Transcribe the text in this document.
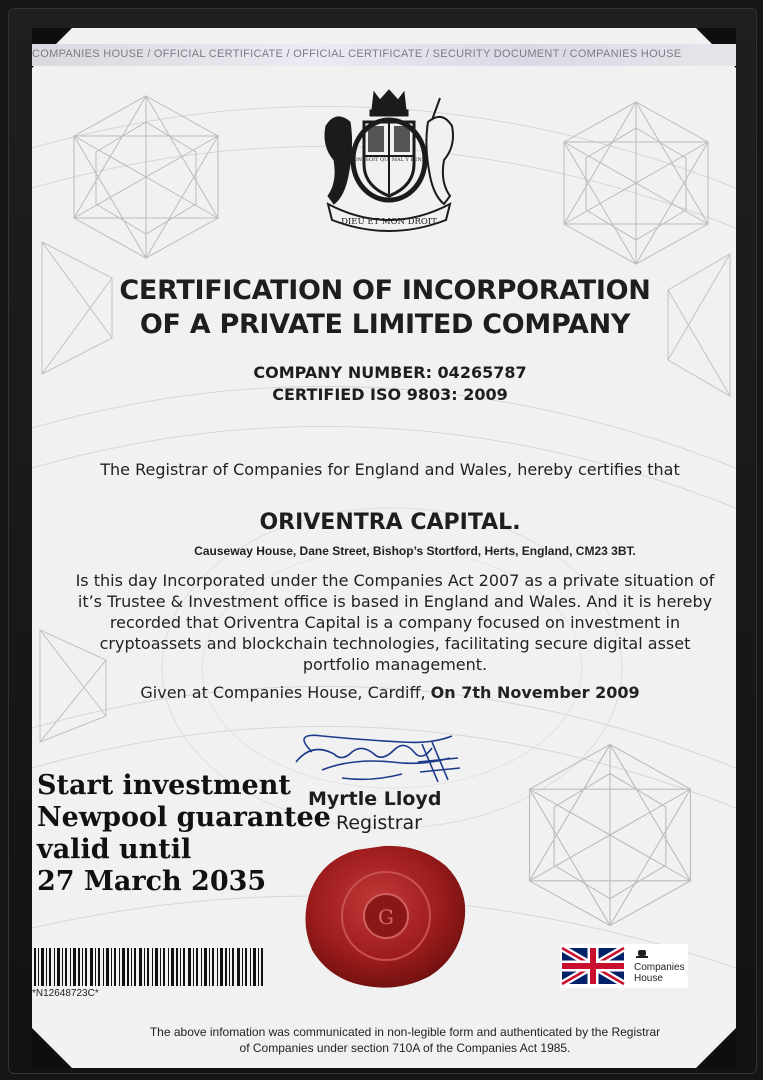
COMPANIES HOUSE / OFFICIAL CERTIFICATE / OFFICIAL CERTIFICATE / SECURITY DOCUMENT / COMPANIES HOUSE
DIEU ET MON DROIT
HONI SOIT QUI MAL Y PENSE
CERTIFICATION OF INCORPORATION
OF A PRIVATE LIMITED COMPANY
COMPANY NUMBER: 04265787
CERTIFIED ISO 9803: 2009
The Registrar of Companies for England and Wales, hereby certifies that
ORIVENTRA CAPITAL.
Causeway House, Dane Street, Bishop’s Stortford, Herts, England, CM23 3BT.
Is this day Incorporated under the Companies Act 2007 as a private situation of it’s Trustee & Investment office is based in England and Wales. And it is hereby recorded that Oriventra Capital is a company focused on investment in cryptoassets and blockchain technologies, facilitating secure digital asset portfolio management.
Given at Companies House, Cardiff, On 7th November 2009
Myrtle Lloyd
Registrar
Start investment
Newpool guarantee
valid until
27 March 2035
G
*N12648723C*
Companies
House
The above infomation was communicated in non-legible form and authenticated by the Registrar
of Companies under section 710A of the Companies Act 1985.
